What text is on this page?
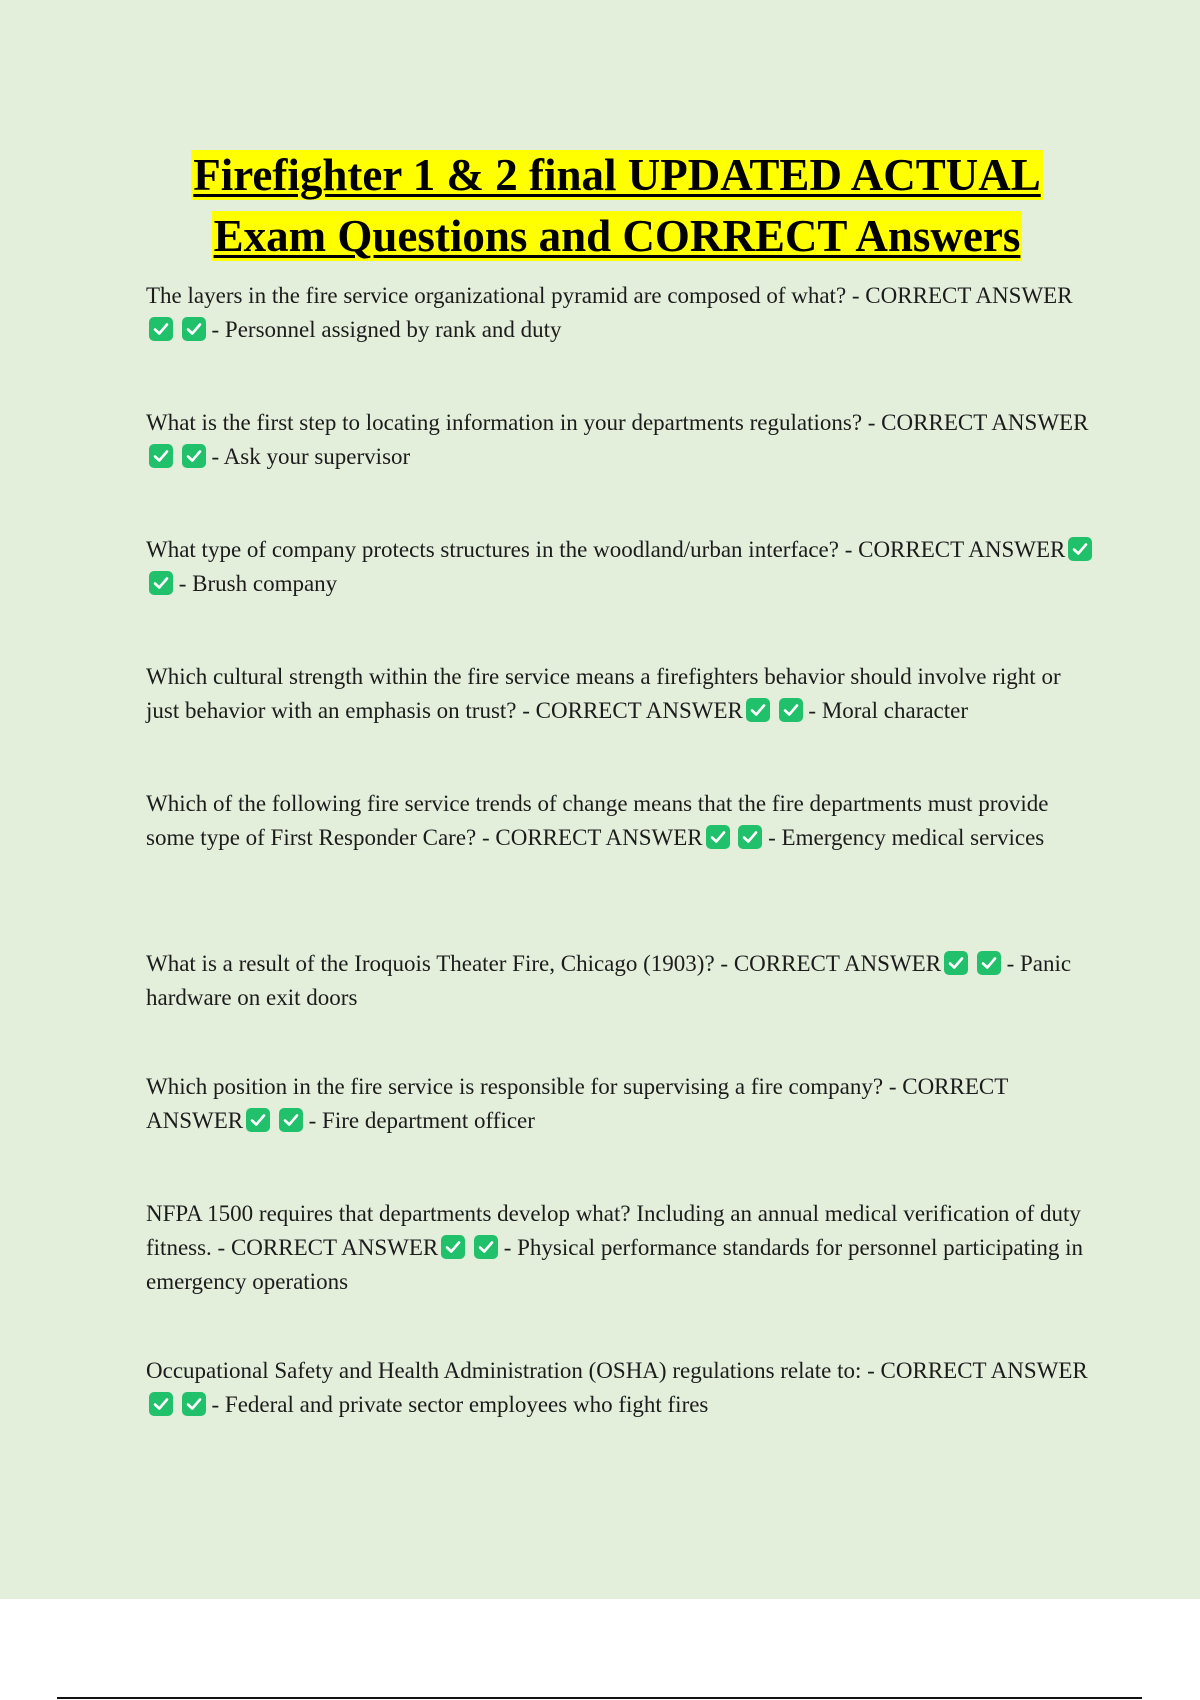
Firefighter 1 & 2 final UPDATED ACTUAL
Exam Questions and CORRECT Answers

The layers in the fire service organizational pyramid are composed of what? - CORRECT ANSWER

- Personnel assigned by rank and duty

What is the first step to locating information in your departments regulations? - CORRECT ANSWER

- Ask your supervisor

What type of company protects structures in the woodland/urban interface? - CORRECT ANSWER

- Brush company

Which cultural strength within the fire service means a firefighters behavior should involve right or just behavior with an emphasis on trust? - CORRECT ANSWER
	- Moral character

Which of the following fire service trends of change means that the fire departments must provide some type of First Responder Care? - CORRECT ANSWER
	- Emergency medical services

What is a result of the Iroquois Theater Fire, Chicago (1903)? - CORRECT ANSWER
	- Panic hardware on exit doors

Which position in the fire service is responsible for supervising a fire company? - CORRECT ANSWER
	- Fire department officer

NFPA 1500 requires that departments develop what? Including an annual medical verification of duty fitness. - CORRECT ANSWER
	- Physical performance standards for personnel participating in emergency operations

Occupational Safety and Health Administration (OSHA) regulations relate to: - CORRECT ANSWER

- Federal and private sector employees who fight fires
